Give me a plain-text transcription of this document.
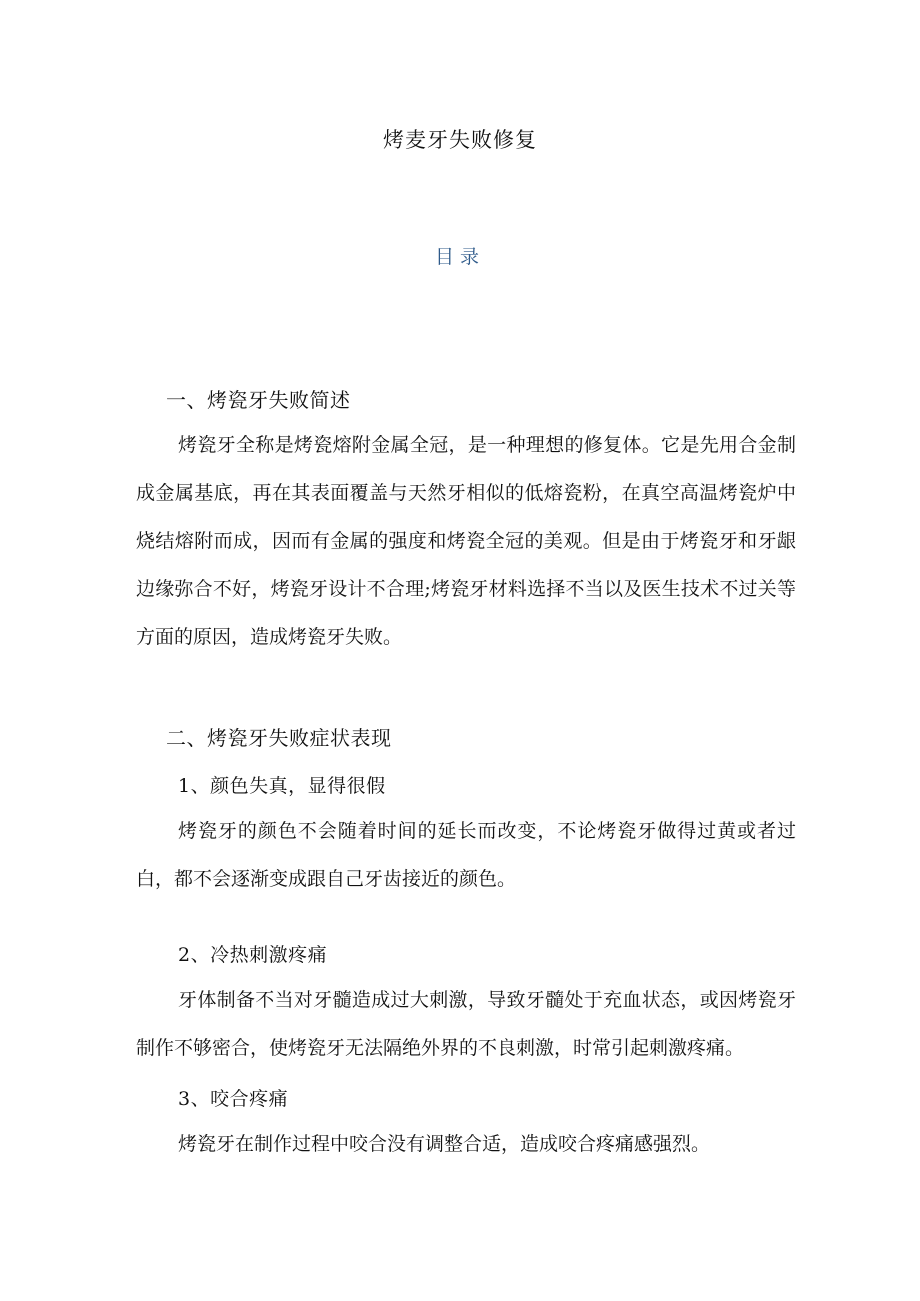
烤麦牙失败修复
目录
一、烤瓷牙失败简述

烤瓷牙全称是烤瓷熔附金属全冠，是一种理想的修复体。它是先用合金制成金属基底，再在其表面覆盖与天然牙相似的低熔瓷粉，在真空高温烤瓷炉中烧结熔附而成，因而有金属的强度和烤瓷全冠的美观。但是由于烤瓷牙和牙龈边缘弥合不好，烤瓷牙设计不合理;烤瓷牙材料选择不当以及医生技术不过关等方面的原因，造成烤瓷牙失败。

二、烤瓷牙失败症状表现
1、颜色失真，显得很假

烤瓷牙的颜色不会随着时间的延长而改变，不论烤瓷牙做得过黄或者过白，都不会逐渐变成跟自己牙齿接近的颜色。

2、冷热刺激疼痛

牙体制备不当对牙髓造成过大刺激，导致牙髓处于充血状态，或因烤瓷牙制作不够密合，使烤瓷牙无法隔绝外界的不良刺激，时常引起刺激疼痛。

3、咬合疼痛

烤瓷牙在制作过程中咬合没有调整合适，造成咬合疼痛感强烈。
